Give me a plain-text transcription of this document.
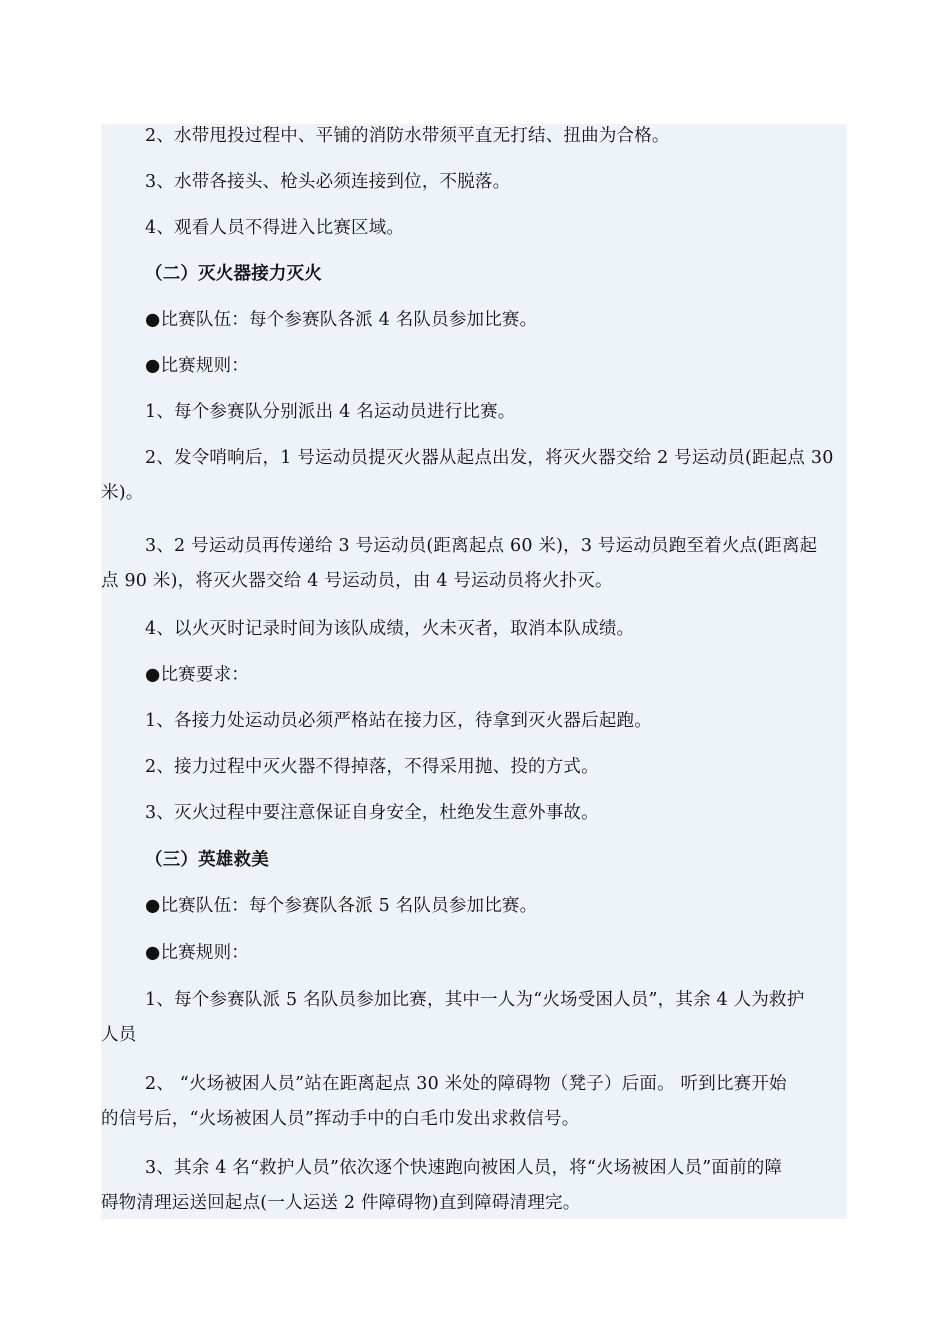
2、水带甩投过程中、平铺的消防水带须平直无打结、扭曲为合格。

3、水带各接头、枪头必须连接到位，不脱落。

4、观看人员不得进入比赛区域。

（二）灭火器接力灭火

●比赛队伍：每个参赛队各派 4 名队员参加比赛。

●比赛规则：

1、每个参赛队分别派出 4 名运动员进行比赛。

2、发令哨响后，1 号运动员提灭火器从起点出发，将灭火器交给 2 号运动员(距起点 30
米)。
3、2 号运动员再传递给 3 号运动员(距离起点 60 米)，3 号运动员跑至着火点(距离起
点 90 米)，将灭火器交给 4 号运动员，由 4 号运动员将火扑灭。

4、以火灭时记录时间为该队成绩，火未灭者，取消本队成绩。

●比赛要求：

1、各接力处运动员必须严格站在接力区，待拿到灭火器后起跑。

2、接力过程中灭火器不得掉落，不得采用抛、投的方式。

3、灭火过程中要注意保证自身安全，杜绝发生意外事故。

（三）英雄救美

●比赛队伍：每个参赛队各派 5 名队员参加比赛。

●比赛规则：

1、每个参赛队派 5 名队员参加比赛，其中一人为“火场受困人员”，其余 4 人为救护
人员
2、 “火场被困人员”站在距离起点 30 米处的障碍物（凳子）后面。 听到比赛开始
的信号后，“火场被困人员”挥动手中的白毛巾发出求救信号。
3、其余 4 名“救护人员”依次逐个快速跑向被困人员，将“火场被困人员”面前的障
碍物清理运送回起点(一人运送 2 件障碍物)直到障碍清理完。
